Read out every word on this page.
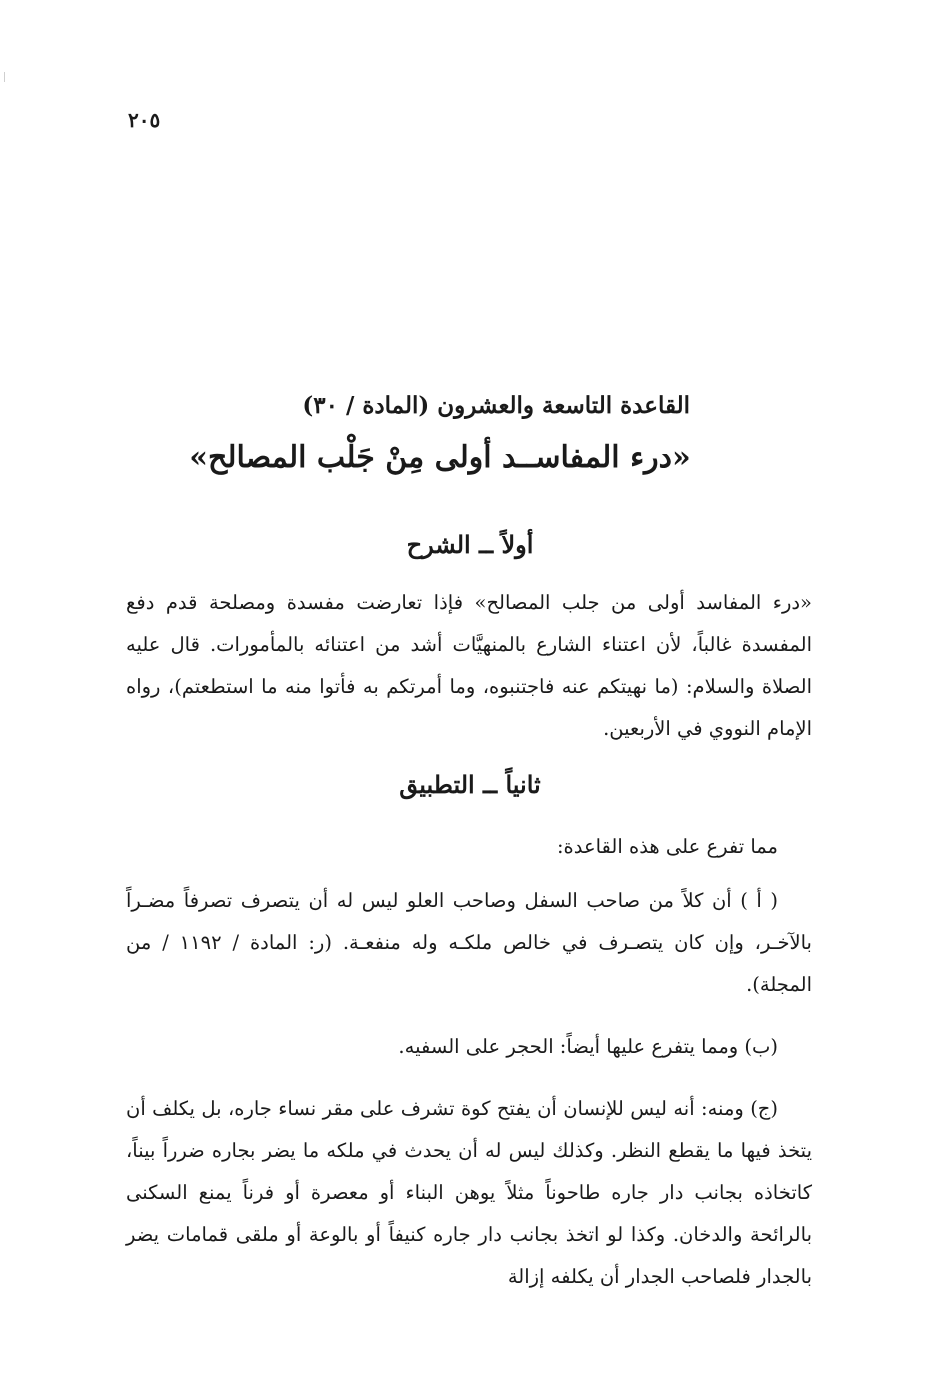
٢٠٥
القاعدة التاسعة والعشرون (المادة / ٣٠)
«درء المفاســد أولى مِنْ جَلْب المصالح»
أولاً ــ الشرح
«درء المفاسد أولى من جلب المصالح» فإذا تعارضت مفسدة ومصلحة قدم دفع المفسدة غالباً، لأن اعتناء الشارع بالمنهيَّات أشد من اعتنائه بالمأمورات. قال عليه الصلاة والسلام: (ما نهيتكم عنه فاجتنبوه، وما أمرتكم به فأتوا منه ما استطعتم)، رواه الإمام النووي في الأربعين.
ثانياً ــ التطبيق
مما تفرع على هذه القاعدة:
( أ ) أن كلاً من صاحب السفل وصاحب العلو ليس له أن يتصرف تصرفاً مضـراً بالآخـر، وإن كان يتصـرف في خالص ملكـه وله منفعـة. (ر: المادة / ١١٩٢ / من المجلة).
(ب) ومما يتفرع عليها أيضاً: الحجر على السفيه.
(ج) ومنه: أنه ليس للإنسان أن يفتح كوة تشرف على مقر نساء جاره، بل يكلف أن يتخذ فيها ما يقطع النظر. وكذلك ليس له أن يحدث في ملكه ما يضر بجاره ضرراً بيناً، كاتخاذه بجانب دار جاره طاحوناً مثلاً يوهن البناء أو معصرة أو فرناً يمنع السكنى بالرائحة والدخان. وكذا لو اتخذ بجانب دار جاره كنيفاً أو بالوعة أو ملقى قمامات يضر بالجدار فلصاحب الجدار أن يكلفه إزالة
